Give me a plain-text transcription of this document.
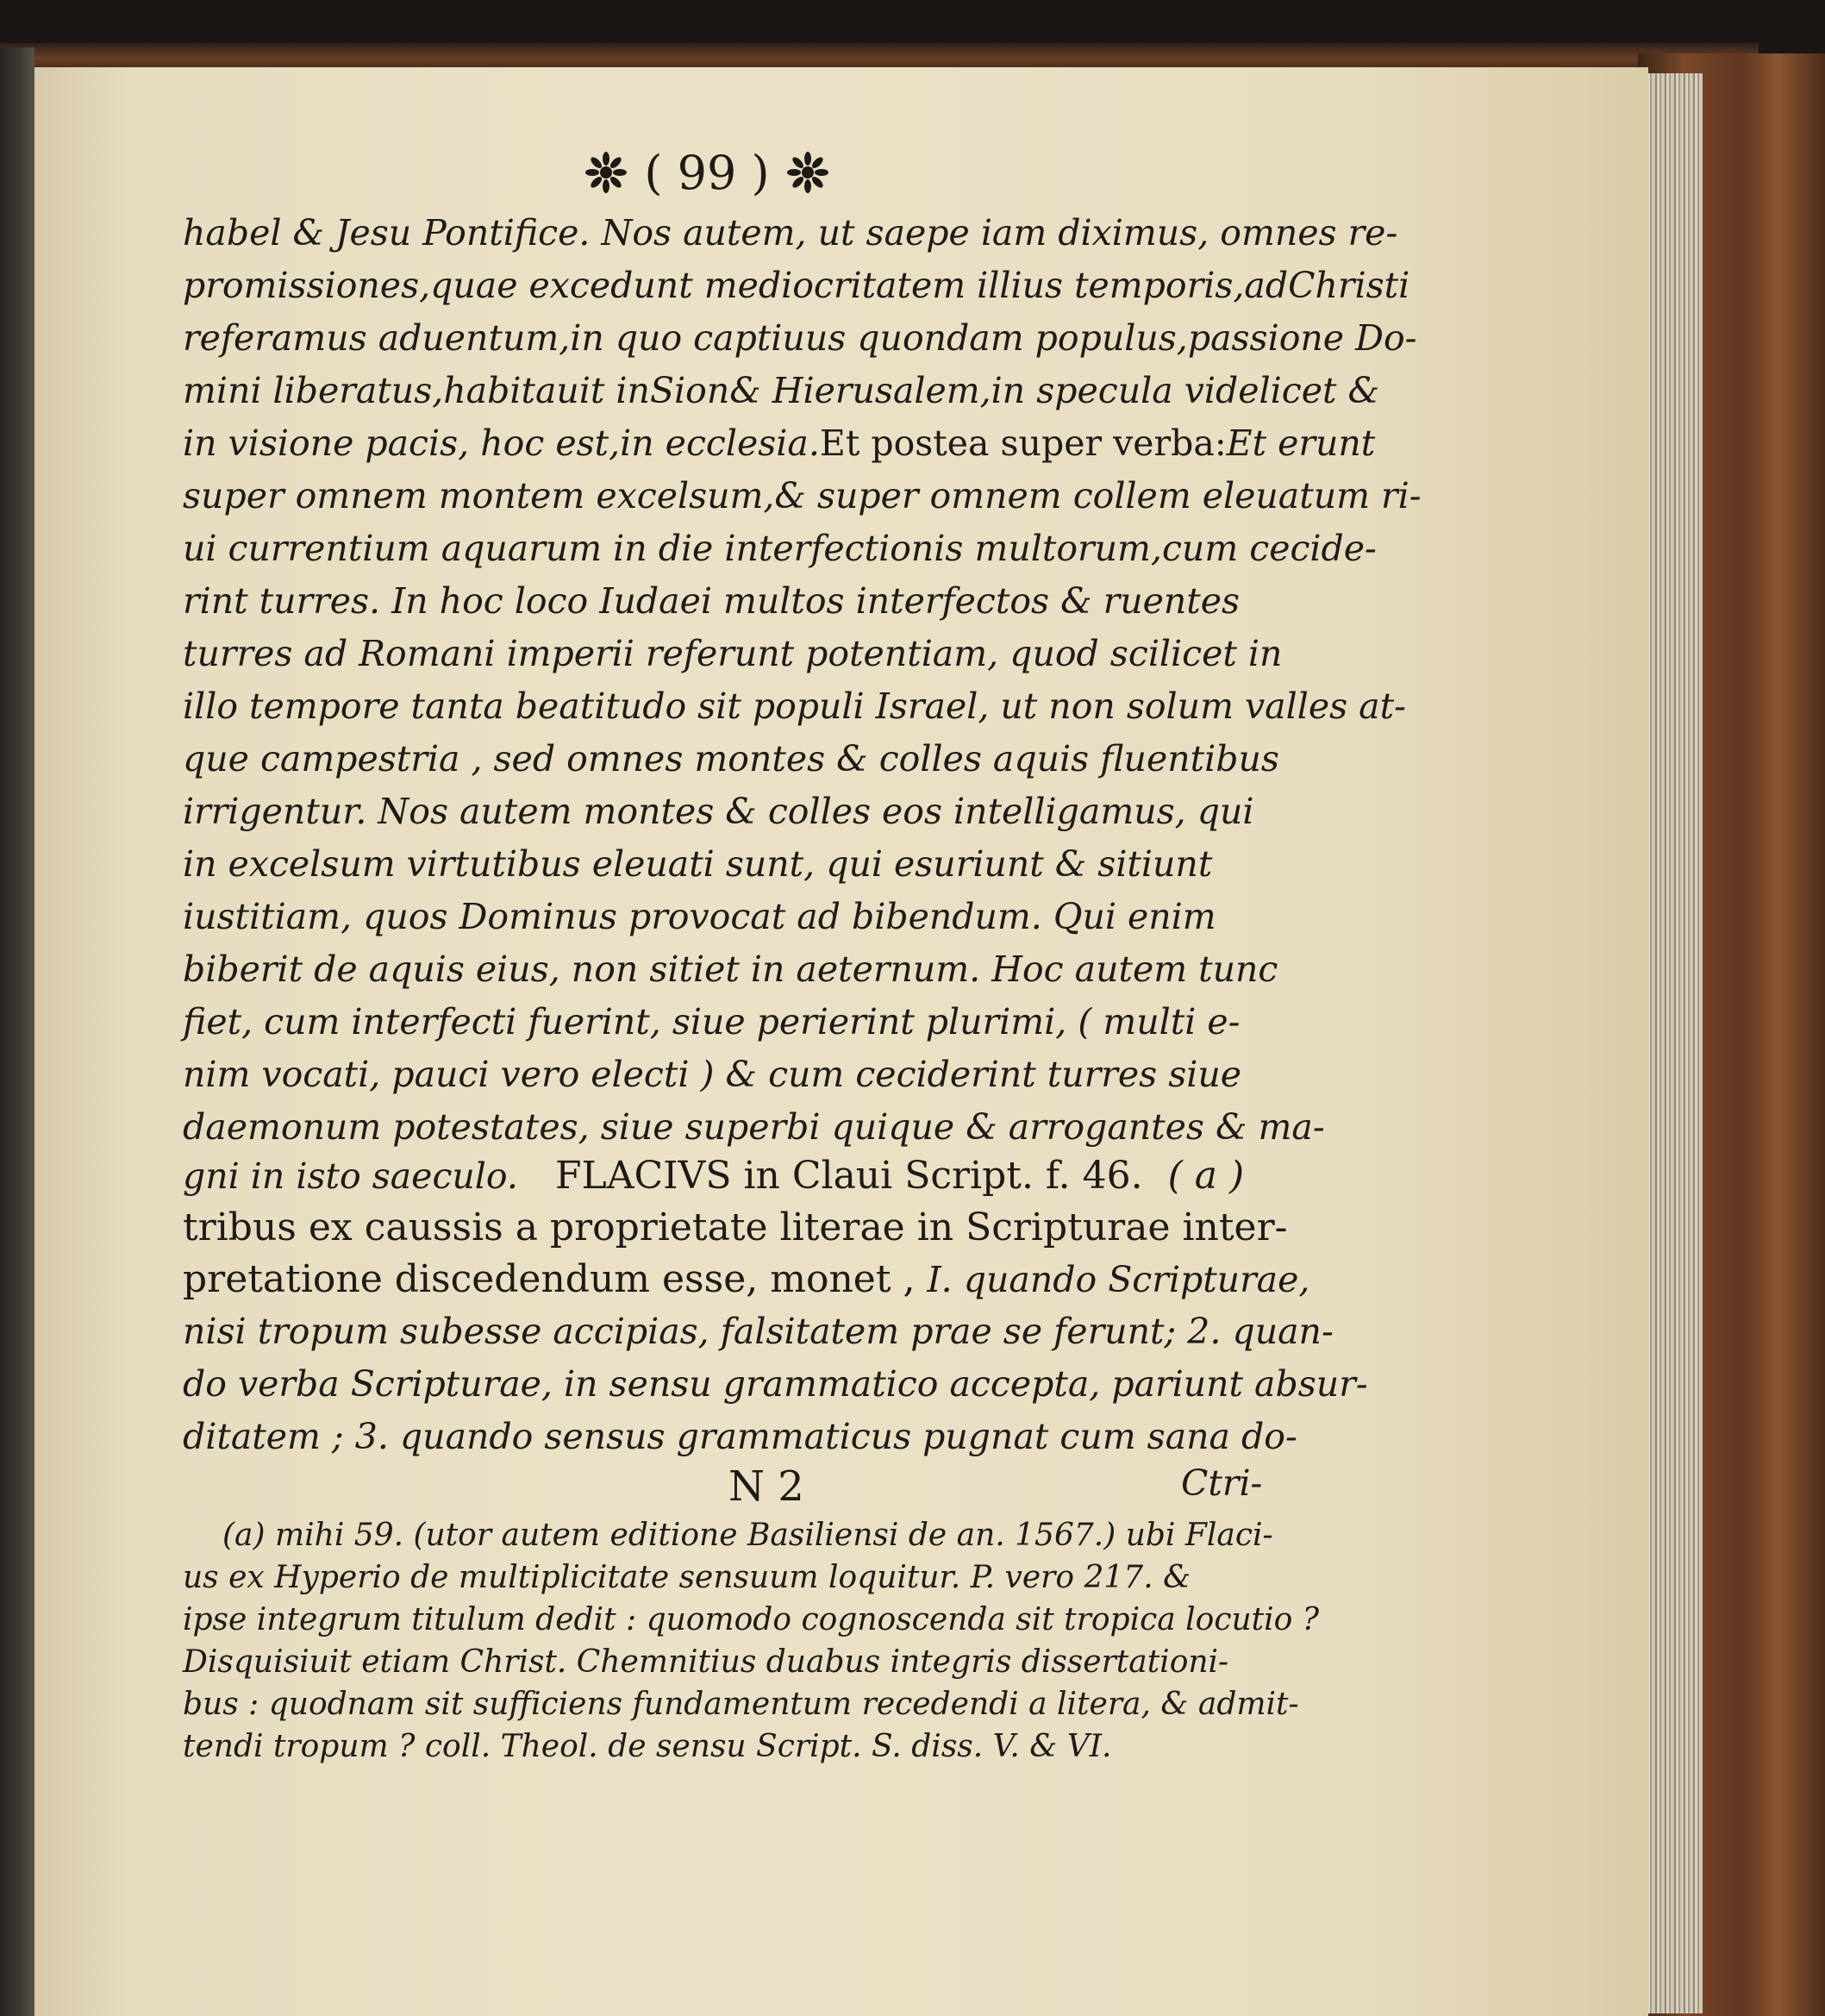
( 99 )
habel & Jesu Pontifice. Nos autem, ut saepe iam diximus, omnes re-
promissiones,quae excedunt mediocritatem illius temporis,adChristi
referamus aduentum,in quo captiuus quondam populus,passione Do-
mini liberatus,habitauit inSion& Hierusalem,in specula videlicet &
in visione pacis, hoc est,in ecclesia.Et postea super verba:Et erunt
super omnem montem excelsum,& super omnem collem eleuatum ri-
ui currentium aquarum in die interfectionis multorum,cum cecide-
rint turres. In hoc loco Iudaei multos interfectos & ruentes
turres ad Romani imperii referunt potentiam, quod scilicet in
illo tempore tanta beatitudo sit populi Israel, ut non solum valles at-
que campestria , sed omnes montes & colles aquis fluentibus
irrigentur. Nos autem montes & colles eos intelligamus, qui
in excelsum virtutibus eleuati sunt, qui esuriunt & sitiunt
iustitiam, quos Dominus provocat ad bibendum. Qui enim
biberit de aquis eius, non sitiet in aeternum. Hoc autem tunc
fiet, cum interfecti fuerint, siue perierint plurimi, ( multi e-
nim vocati, pauci vero electi ) & cum ceciderint turres siue
daemonum potestates, siue superbi quique & arrogantes & ma-
gni in isto saeculo. FLACIVS in Claui Script. f. 46. ( a )
tribus ex caussis a proprietate literae in Scripturae inter-
pretatione discedendum esse, monet , I. quando Scripturae,
nisi tropum subesse accipias, falsitatem prae se ferunt; 2. quan-
do verba Scripturae, in sensu grammatico accepta, pariunt absur-
ditatem ; 3. quando sensus grammaticus pugnat cum sana do-
N 2	Ctri-
(a) mihi 59. (utor autem editione Basiliensi de an. 1567.) ubi Flaci-
us ex Hyperio de multiplicitate sensuum loquitur. P. vero 217. &
ipse integrum titulum dedit : quomodo cognoscenda sit tropica locutio ?
Disquisiuit etiam Christ. Chemnitius duabus integris dissertationi-
bus : quodnam sit sufficiens fundamentum recedendi a litera, & admit-
tendi tropum ? coll. Theol. de sensu Script. S. diss. V. & VI.
